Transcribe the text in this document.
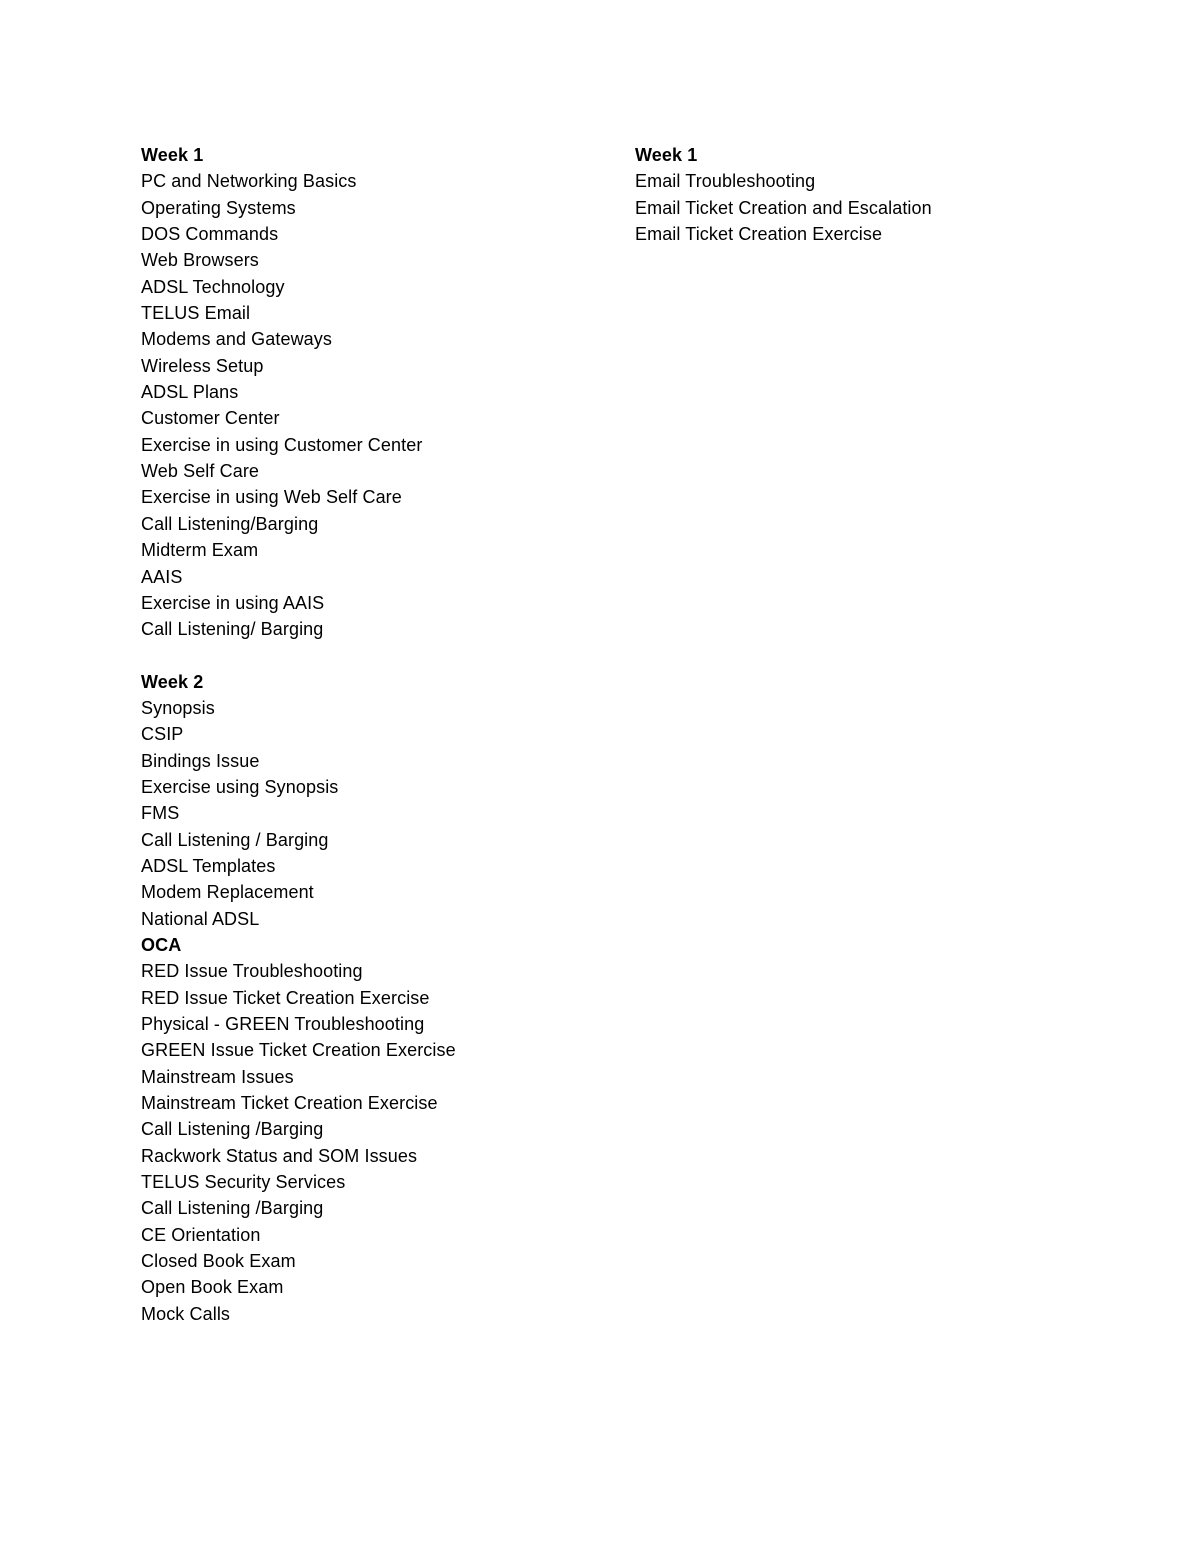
Week 1
PC and Networking Basics
Operating Systems
DOS Commands
Web Browsers
ADSL Technology
TELUS Email
Modems and Gateways
Wireless Setup
ADSL Plans
Customer Center
Exercise in using Customer Center
Web Self Care
Exercise in using Web Self Care
Call Listening/Barging
Midterm Exam
AAIS
Exercise in using AAIS
Call Listening/ Barging
Week 2
Synopsis
CSIP
Bindings Issue
Exercise using Synopsis
FMS
Call Listening / Barging
ADSL Templates
Modem Replacement
National ADSL
OCA
RED Issue Troubleshooting
RED Issue Ticket Creation Exercise
Physical - GREEN Troubleshooting
GREEN Issue Ticket Creation Exercise
Mainstream Issues
Mainstream Ticket Creation Exercise
Call Listening /Barging
Rackwork Status and SOM Issues
TELUS Security Services
Call Listening /Barging
CE Orientation
Closed Book Exam
Open Book Exam
Mock Calls
Week 1
Email Troubleshooting
Email Ticket Creation and Escalation
Email Ticket Creation Exercise
